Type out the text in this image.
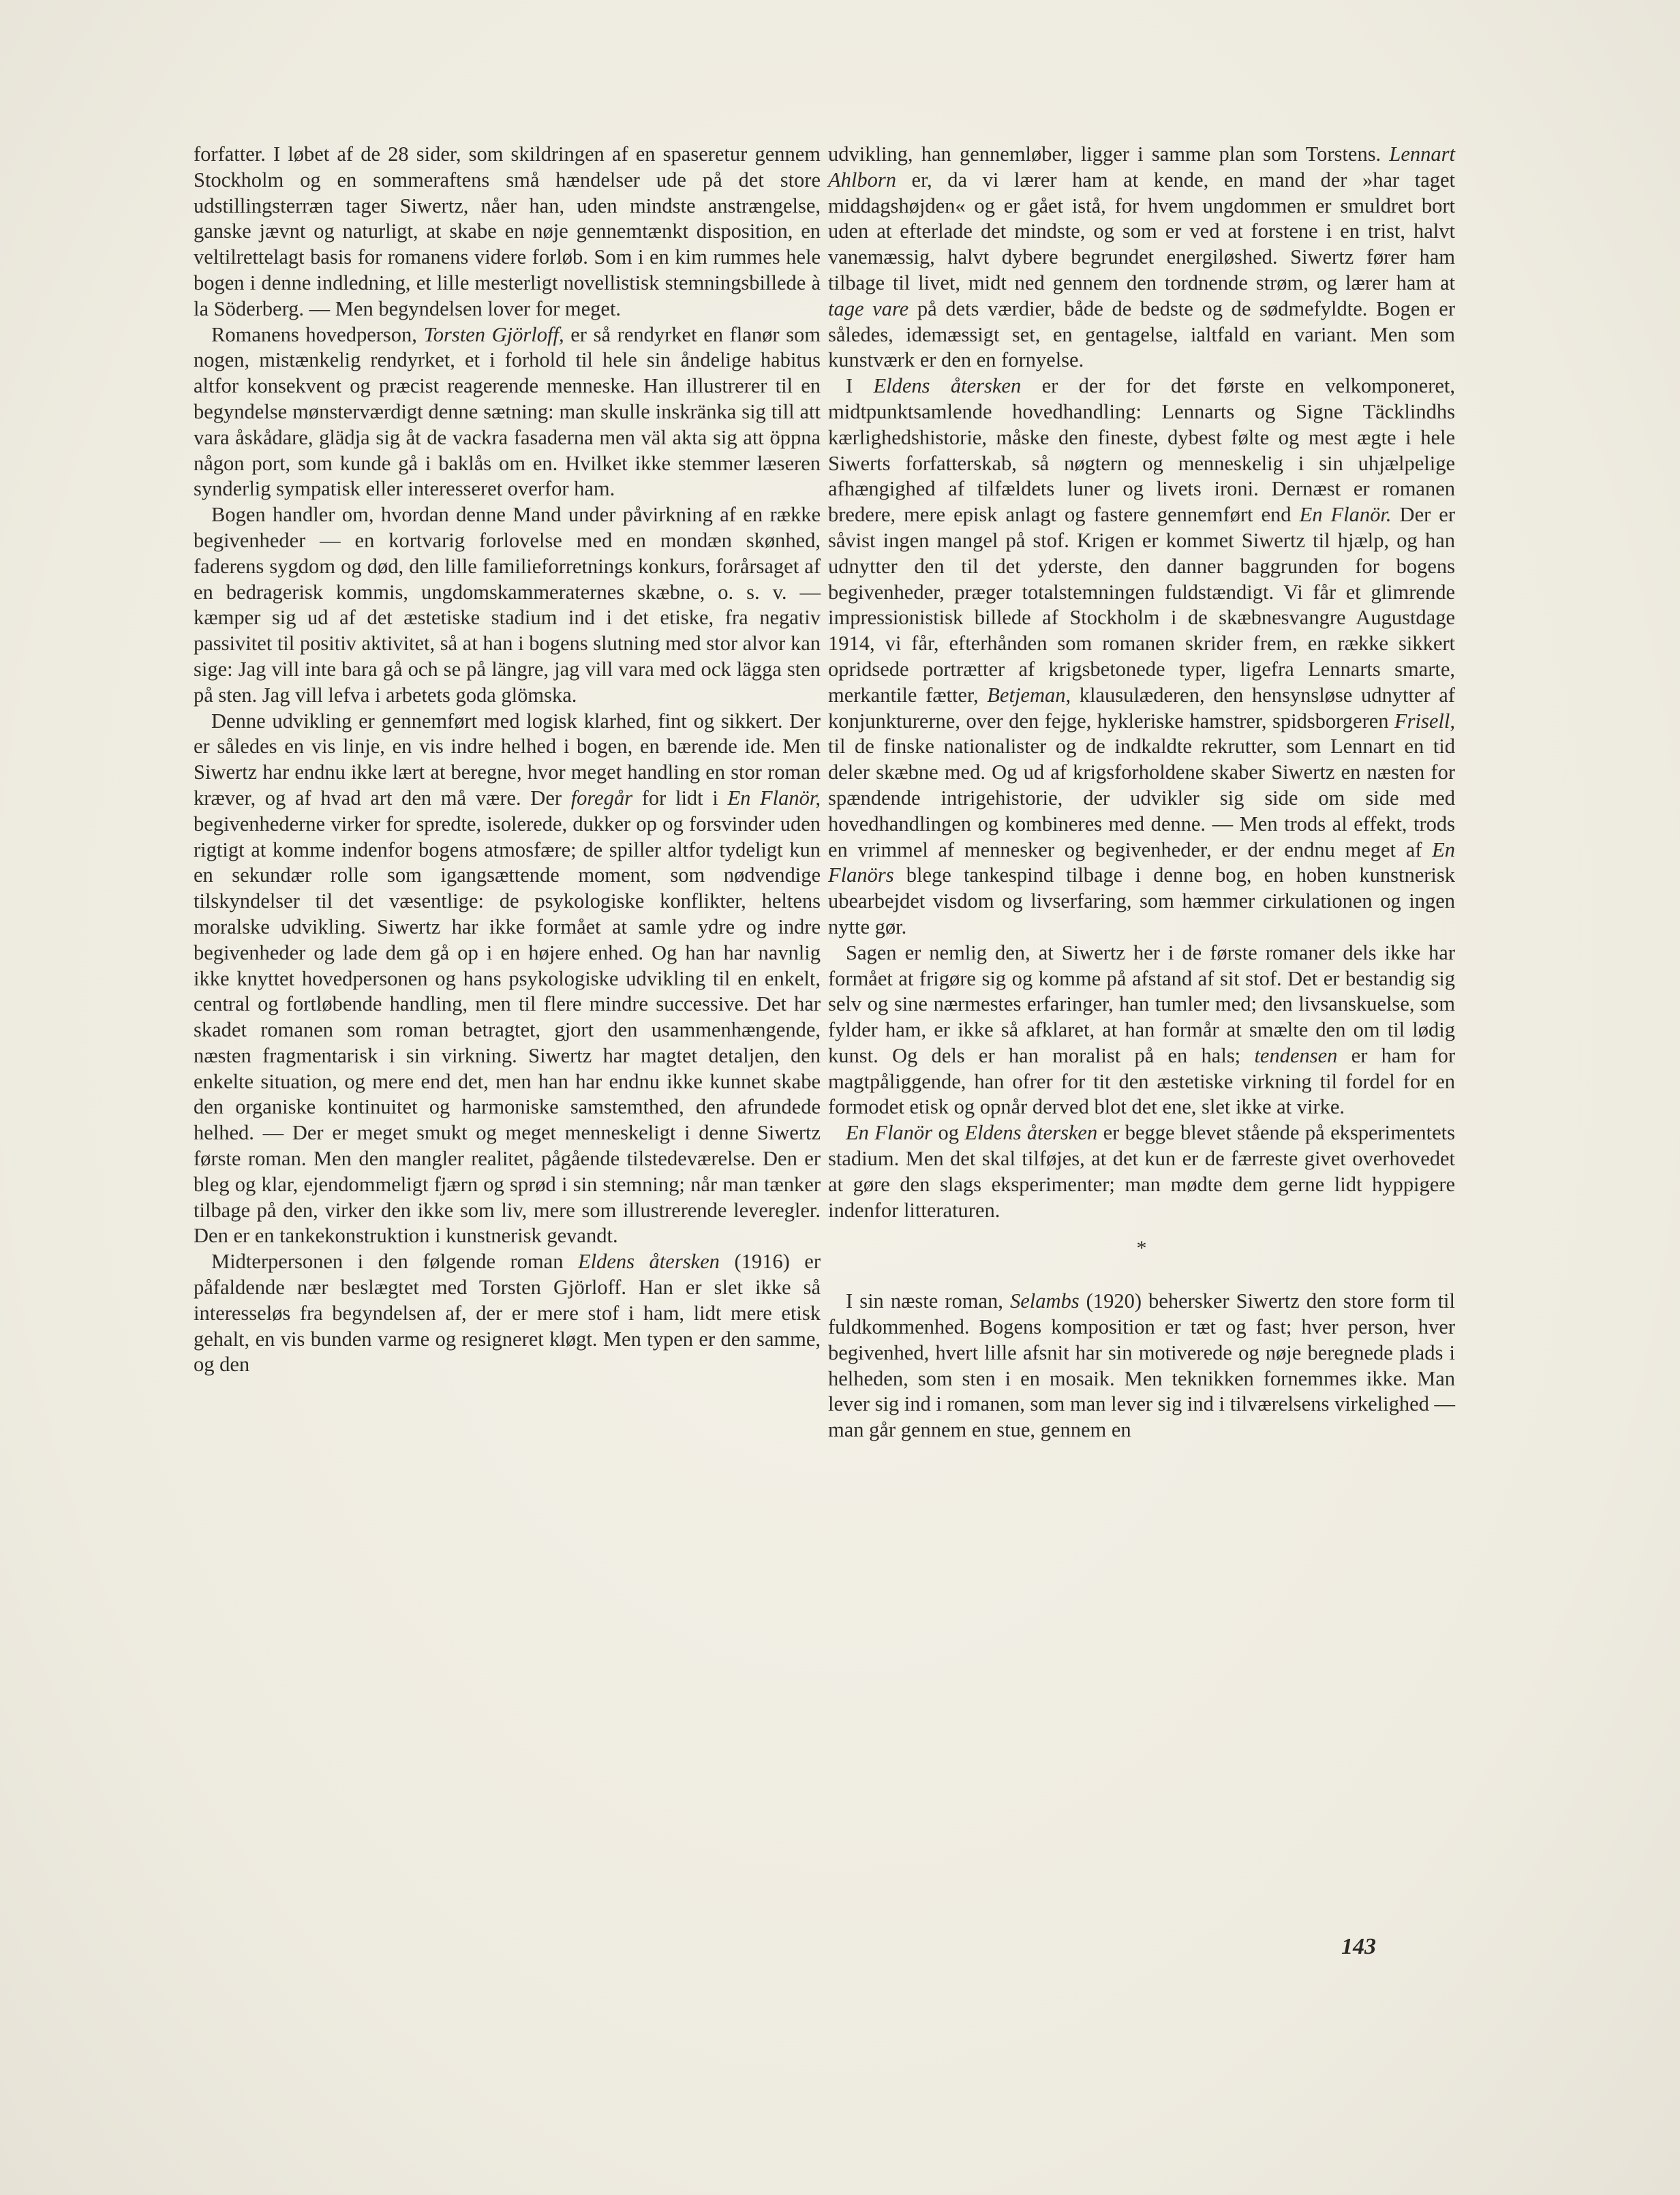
forfatter. I løbet af de 28 sider, som skildringen af en spaseretur gennem Stockholm og en sommeraftens små hændelser ude på det store udstillingsterræn tager Siwertz, nåer han, uden mindste anstrængelse, ganske jævnt og naturligt, at skabe en nøje gennemtænkt disposition, en veltilrettelagt basis for romanens videre forløb. Som i en kim rummes hele bogen i denne indledning, et lille mesterligt novellistisk stemningsbillede à la Söderberg. — Men begyndelsen lover for meget.

Romanens hovedperson, Torsten Gjörloff, er så rendyrket en flanør som nogen, mistænkelig rendyrket, et i forhold til hele sin åndelige habitus altfor konsekvent og præcist reagerende menneske. Han illustrerer til en begyndelse mønsterværdigt denne sætning: man skulle inskränka sig till att vara åskådare, glädja sig åt de vackra fasaderna men väl akta sig att öppna någon port, som kunde gå i baklås om en. Hvilket ikke stemmer læseren synderlig sympatisk eller interesseret overfor ham.

Bogen handler om, hvordan denne Mand under påvirkning af en række begivenheder — en kortvarig forlovelse med en mondæn skønhed, faderens sygdom og død, den lille familieforretnings konkurs, forårsaget af en bedragerisk kommis, ungdomskammeraternes skæbne, o. s. v. — kæmper sig ud af det æstetiske stadium ind i det etiske, fra negativ passivitet til positiv aktivitet, så at han i bogens slutning med stor alvor kan sige: Jag vill inte bara gå och se på längre, jag vill vara med ock lägga sten på sten. Jag vill lefva i arbetets goda glömska.

Denne udvikling er gennemført med logisk klarhed, fint og sikkert. Der er således en vis linje, en vis indre helhed i bogen, en bærende ide. Men Siwertz har endnu ikke lært at beregne, hvor meget handling en stor roman kræver, og af hvad art den må være. Der foregår for lidt i En Flanör, begivenhederne virker for spredte, isolerede, dukker op og forsvinder uden rigtigt at komme indenfor bogens atmosfære; de spiller altfor tydeligt kun en sekundær rolle som igangsættende moment, som nødvendige tilskyndelser til det væsentlige: de psykologiske konflikter, heltens moralske udvikling. Siwertz har ikke formået at samle ydre og indre begivenheder og lade dem gå op i en højere enhed. Og han har navnlig ikke knyttet hovedpersonen og hans psykologiske udvikling til en enkelt, central og fortløbende handling, men til flere mindre successive. Det har skadet romanen som roman betragtet, gjort den usammenhængende, næsten fragmentarisk i sin virkning. Siwertz har magtet detaljen, den enkelte situation, og mere end det, men han har endnu ikke kunnet skabe den organiske kontinuitet og harmoniske samstemthed, den afrundede helhed. — Der er meget smukt og meget menneskeligt i denne Siwertz første roman. Men den mangler realitet, pågående tilstedeværelse. Den er bleg og klar, ejendommeligt fjærn og sprød i sin stemning; når man tænker tilbage på den, virker den ikke som liv, mere som illustrerende leveregler. Den er en tankekonstruktion i kunstnerisk gevandt.

Midterpersonen i den følgende roman Eldens återsken (1916) er påfaldende nær beslægtet med Torsten Gjörloff. Han er slet ikke så interesseløs fra begyndelsen af, der er mere stof i ham, lidt mere etisk gehalt, en vis bunden varme og resigneret kløgt. Men typen er den samme, og den

udvikling, han gennemløber, ligger i samme plan som Torstens. Lennart Ahlborn er, da vi lærer ham at kende, en mand der »har taget middagshøjden« og er gået istå, for hvem ungdommen er smuldret bort uden at efterlade det mindste, og som er ved at forstene i en trist, halvt vanemæssig, halvt dybere begrundet energiløshed. Siwertz fører ham tilbage til livet, midt ned gennem den tordnende strøm, og lærer ham at tage vare på dets værdier, både de bedste og de sødmefyldte. Bogen er således, idemæssigt set, en gentagelse, ialtfald en variant. Men som kunstværk er den en fornyelse.

I Eldens återsken er der for det første en velkomponeret, midtpunktsamlende hovedhandling: Lennarts og Signe Täcklindhs kærlighedshistorie, måske den fineste, dybest følte og mest ægte i hele Siwerts forfatterskab, så nøgtern og menneskelig i sin uhjælpelige afhængighed af tilfældets luner og livets ironi. Dernæst er romanen bredere, mere episk anlagt og fastere gennemført end En Flanör. Der er såvist ingen mangel på stof. Krigen er kommet Siwertz til hjælp, og han udnytter den til det yderste, den danner baggrunden for bogens begivenheder, præger totalstemningen fuldstændigt. Vi får et glimrende impressionistisk billede af Stockholm i de skæbnesvangre Augustdage 1914, vi får, efterhånden som romanen skrider frem, en række sikkert opridsede portrætter af krigsbetonede typer, ligefra Lennarts smarte, merkantile fætter, Betjeman, klausulæderen, den hensynsløse udnytter af konjunkturerne, over den fejge, hykleriske hamstrer, spidsborgeren Frisell, til de finske nationalister og de indkaldte rekrutter, som Lennart en tid deler skæbne med. Og ud af krigsforholdene skaber Siwertz en næsten for spændende intrigehistorie, der udvikler sig side om side med hovedhandlingen og kombineres med denne. — Men trods al effekt, trods en vrimmel af mennesker og begivenheder, er der endnu meget af En Flanörs blege tankespind tilbage i denne bog, en hoben kunstnerisk ubearbejdet visdom og livserfaring, som hæmmer cirkulationen og ingen nytte gør.

Sagen er nemlig den, at Siwertz her i de første romaner dels ikke har formået at frigøre sig og komme på afstand af sit stof. Det er bestandig sig selv og sine nærmestes erfaringer, han tumler med; den livsanskuelse, som fylder ham, er ikke så afklaret, at han formår at smælte den om til lødig kunst. Og dels er han moralist på en hals; tendensen er ham for magtpåliggende, han ofrer for tit den æstetiske virkning til fordel for en formodet etisk og opnår derved blot det ene, slet ikke at virke.

En Flanör og Eldens återsken er begge blevet stående på eksperimentets stadium. Men det skal tilføjes, at det kun er de færreste givet overhovedet at gøre den slags eksperimenter; man mødte dem gerne lidt hyppigere indenfor litteraturen.

*

I sin næste roman, Selambs (1920) behersker Siwertz den store form til fuldkommenhed. Bogens komposition er tæt og fast; hver person, hver begivenhed, hvert lille afsnit har sin motiverede og nøje beregnede plads i helheden, som sten i en mosaik. Men teknikken fornemmes ikke. Man lever sig ind i romanen, som man lever sig ind i tilværelsens virkelighed — man går gennem en stue, gennem en

143
